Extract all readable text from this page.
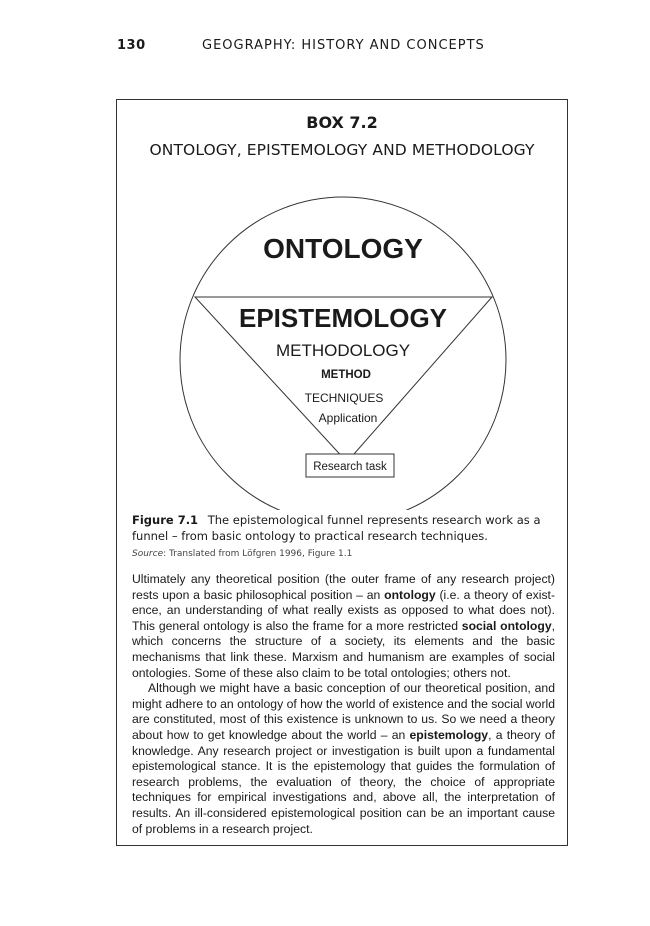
130	GEOGRAPHY: HISTORY AND CONCEPTS
BOX 7.2
ONTOLOGY, EPISTEMOLOGY AND METHODOLOGY
ONTOLOGY
EPISTEMOLOGY
METHODOLOGY
METHOD
TECHNIQUES
Application
Research task
Figure 7.1 The epistemological funnel represents research work as a funnel – from basic ontology to practical research techniques.
Source: Translated from Löfgren 1996, Figure 1.1

Ultimately any theoretical position (the outer frame of any research project) rests upon a basic philosophical position – an ontology (i.e. a theory of existence, an understanding of what really exists as opposed to what does not). This general ontology is also the frame for a more restricted social ontology, which concerns the structure of a society, its elements and the basic mechanisms that link these. Marxism and humanism are examples of social ontologies. Some of these also claim to be total ontologies; others not.

Although we might have a basic conception of our theoretical position, and might adhere to an ontology of how the world of existence and the social world are constituted, most of this existence is unknown to us. So we need a theory about how to get knowledge about the world – an epistemology, a theory of knowledge. Any research project or investigation is built upon a fundamental epistemological stance. It is the epistemology that guides the formulation of research problems, the evaluation of theory, the choice of appropriate techniques for empirical investigations and, above all, the interpretation of results. An ill-considered epistemological position can be an important cause of problems in a research project.
